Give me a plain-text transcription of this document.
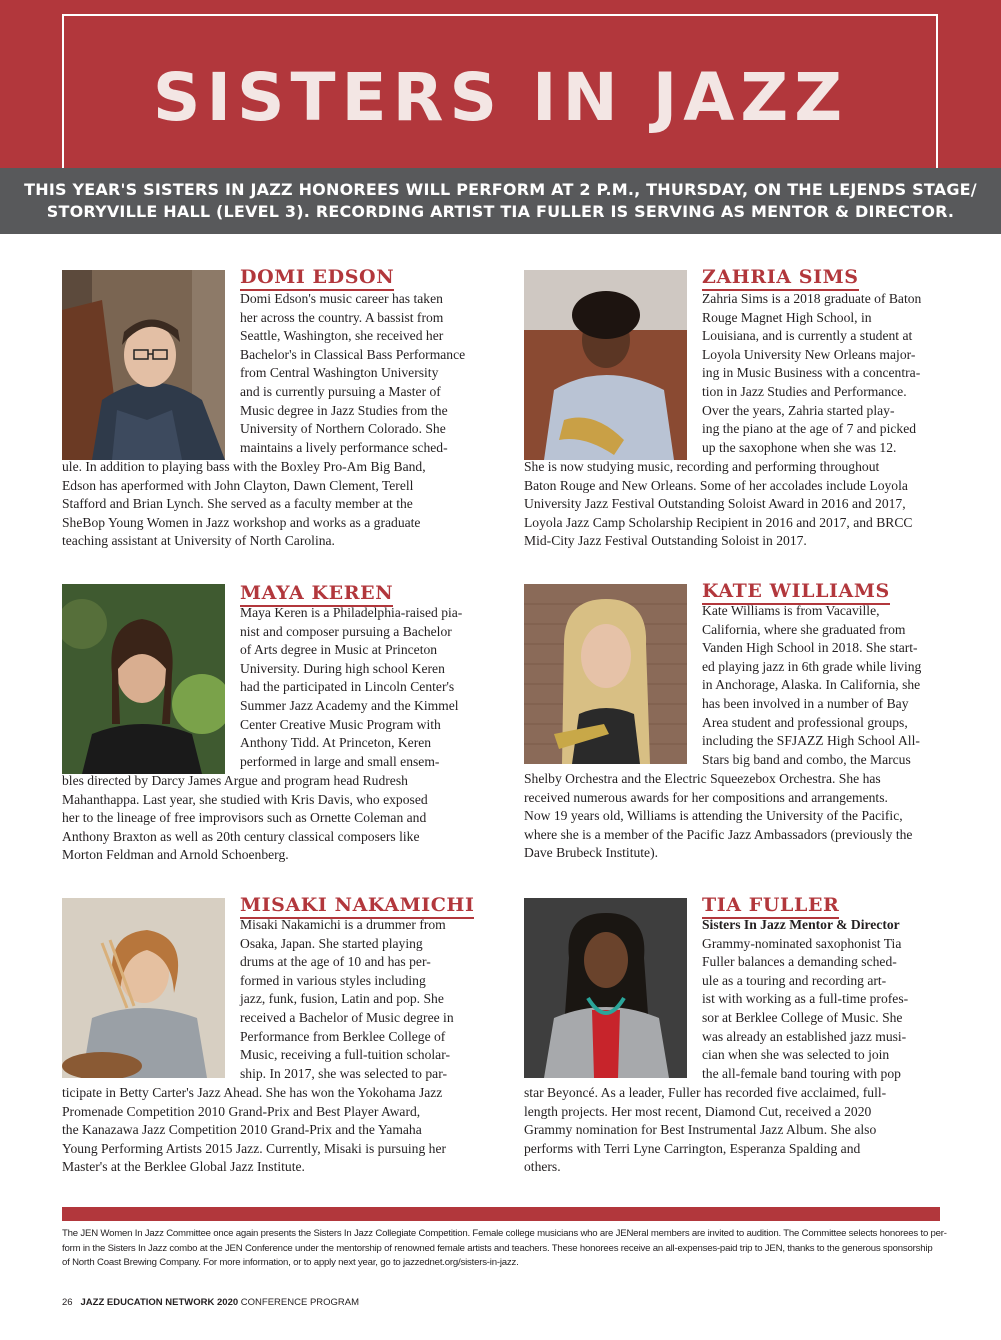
SISTERS IN JAZZ
THIS YEAR'S SISTERS IN JAZZ HONOREES WILL PERFORM AT 2 P.M., THURSDAY, ON THE LEJENDS STAGE/
STORYVILLE HALL (LEVEL 3). RECORDING ARTIST TIA FULLER IS SERVING AS MENTOR & DIRECTOR.
DOMI EDSON
Domi Edson's music career has taken
her across the country. A bassist from
Seattle, Washington, she received her
Bachelor's in Classical Bass Performance
from Central Washington University
and is currently pursuing a Master of
Music degree in Jazz Studies from the
University of Northern Colorado. She
maintains a lively performance sched-
ule. In addition to playing bass with the Boxley Pro-Am Big Band,
Edson has aperformed with John Clayton, Dawn Clement, Terell
Stafford and Brian Lynch. She served as a faculty member at the
SheBop Young Women in Jazz workshop and works as a graduate
teaching assistant at University of North Carolina.
ZAHRIA SIMS
Zahria Sims is a 2018 graduate of Baton
Rouge Magnet High School, in
Louisiana, and is currently a student at
Loyola University New Orleans major-
ing in Music Business with a concentra-
tion in Jazz Studies and Performance.
Over the years, Zahria started play-
ing the piano at the age of 7 and picked
up the saxophone when she was 12.
She is now studying music, recording and performing throughout
Baton Rouge and New Orleans. Some of her accolades include Loyola
University Jazz Festival Outstanding Soloist Award in 2016 and 2017,
Loyola Jazz Camp Scholarship Recipient in 2016 and 2017, and BRCC
Mid-City Jazz Festival Outstanding Soloist in 2017.
MAYA KEREN
Maya Keren is a Philadelphia-raised pia-
nist and composer pursuing a Bachelor
of Arts degree in Music at Princeton
University. During high school Keren
had the participated in Lincoln Center's
Summer Jazz Academy and the Kimmel
Center Creative Music Program with
Anthony Tidd. At Princeton, Keren
performed in large and small ensem-
bles directed by Darcy James Argue and program head Rudresh
Mahanthappa. Last year, she studied with Kris Davis, who exposed
her to the lineage of free improvisors such as Ornette Coleman and
Anthony Braxton as well as 20th century classical composers like
Morton Feldman and Arnold Schoenberg.
KATE WILLIAMS
Kate Williams is from Vacaville,
California, where she graduated from
Vanden High School in 2018. She start-
ed playing jazz in 6th grade while living
in Anchorage, Alaska. In California, she
has been involved in a number of Bay
Area student and professional groups,
including the SFJAZZ High School All-
Stars big band and combo, the Marcus
Shelby Orchestra and the Electric Squeezebox Orchestra. She has
received numerous awards for her compositions and arrangements.
Now 19 years old, Williams is attending the University of the Pacific,
where she is a member of the Pacific Jazz Ambassadors (previously the
Dave Brubeck Institute).
MISAKI NAKAMICHI
Misaki Nakamichi is a drummer from
Osaka, Japan. She started playing
drums at the age of 10 and has per-
formed in various styles including
jazz, funk, fusion, Latin and pop. She
received a Bachelor of Music degree in
Performance from Berklee College of
Music, receiving a full-tuition scholar-
ship. In 2017, she was selected to par-
ticipate in Betty Carter's Jazz Ahead. She has won the Yokohama Jazz
Promenade Competition 2010 Grand-Prix and Best Player Award,
the Kanazawa Jazz Competition 2010 Grand-Prix and the Yamaha
Young Performing Artists 2015 Jazz. Currently, Misaki is pursuing her
Master's at the Berklee Global Jazz Institute.
TIA FULLER
Sisters In Jazz Mentor & Director
Grammy-nominated saxophonist Tia
Fuller balances a demanding sched-
ule as a touring and recording art-
ist with working as a full-time profes-
sor at Berklee College of Music. She
was already an established jazz musi-
cian when she was selected to join
the all-female band touring with pop
star Beyoncé. As a leader, Fuller has recorded five acclaimed, full-
length projects. Her most recent, Diamond Cut, received a 2020
Grammy nomination for Best Instrumental Jazz Album. She also
performs with Terri Lyne Carrington, Esperanza Spalding and
others.
The JEN Women In Jazz Committee once again presents the Sisters In Jazz Collegiate Competition. Female college musicians who are JENeral members are invited to audition. The Committee selects honorees to per-
form in the Sisters In Jazz combo at the JEN Conference under the mentorship of renowned female artists and teachers. These honorees receive an all-expenses-paid trip to JEN, thanks to the generous sponsorship
of North Coast Brewing Company. For more information, or to apply next year, go to jazzednet.org/sisters-in-jazz.
26 JAZZ EDUCATION NETWORK 2020 CONFERENCE PROGRAM
